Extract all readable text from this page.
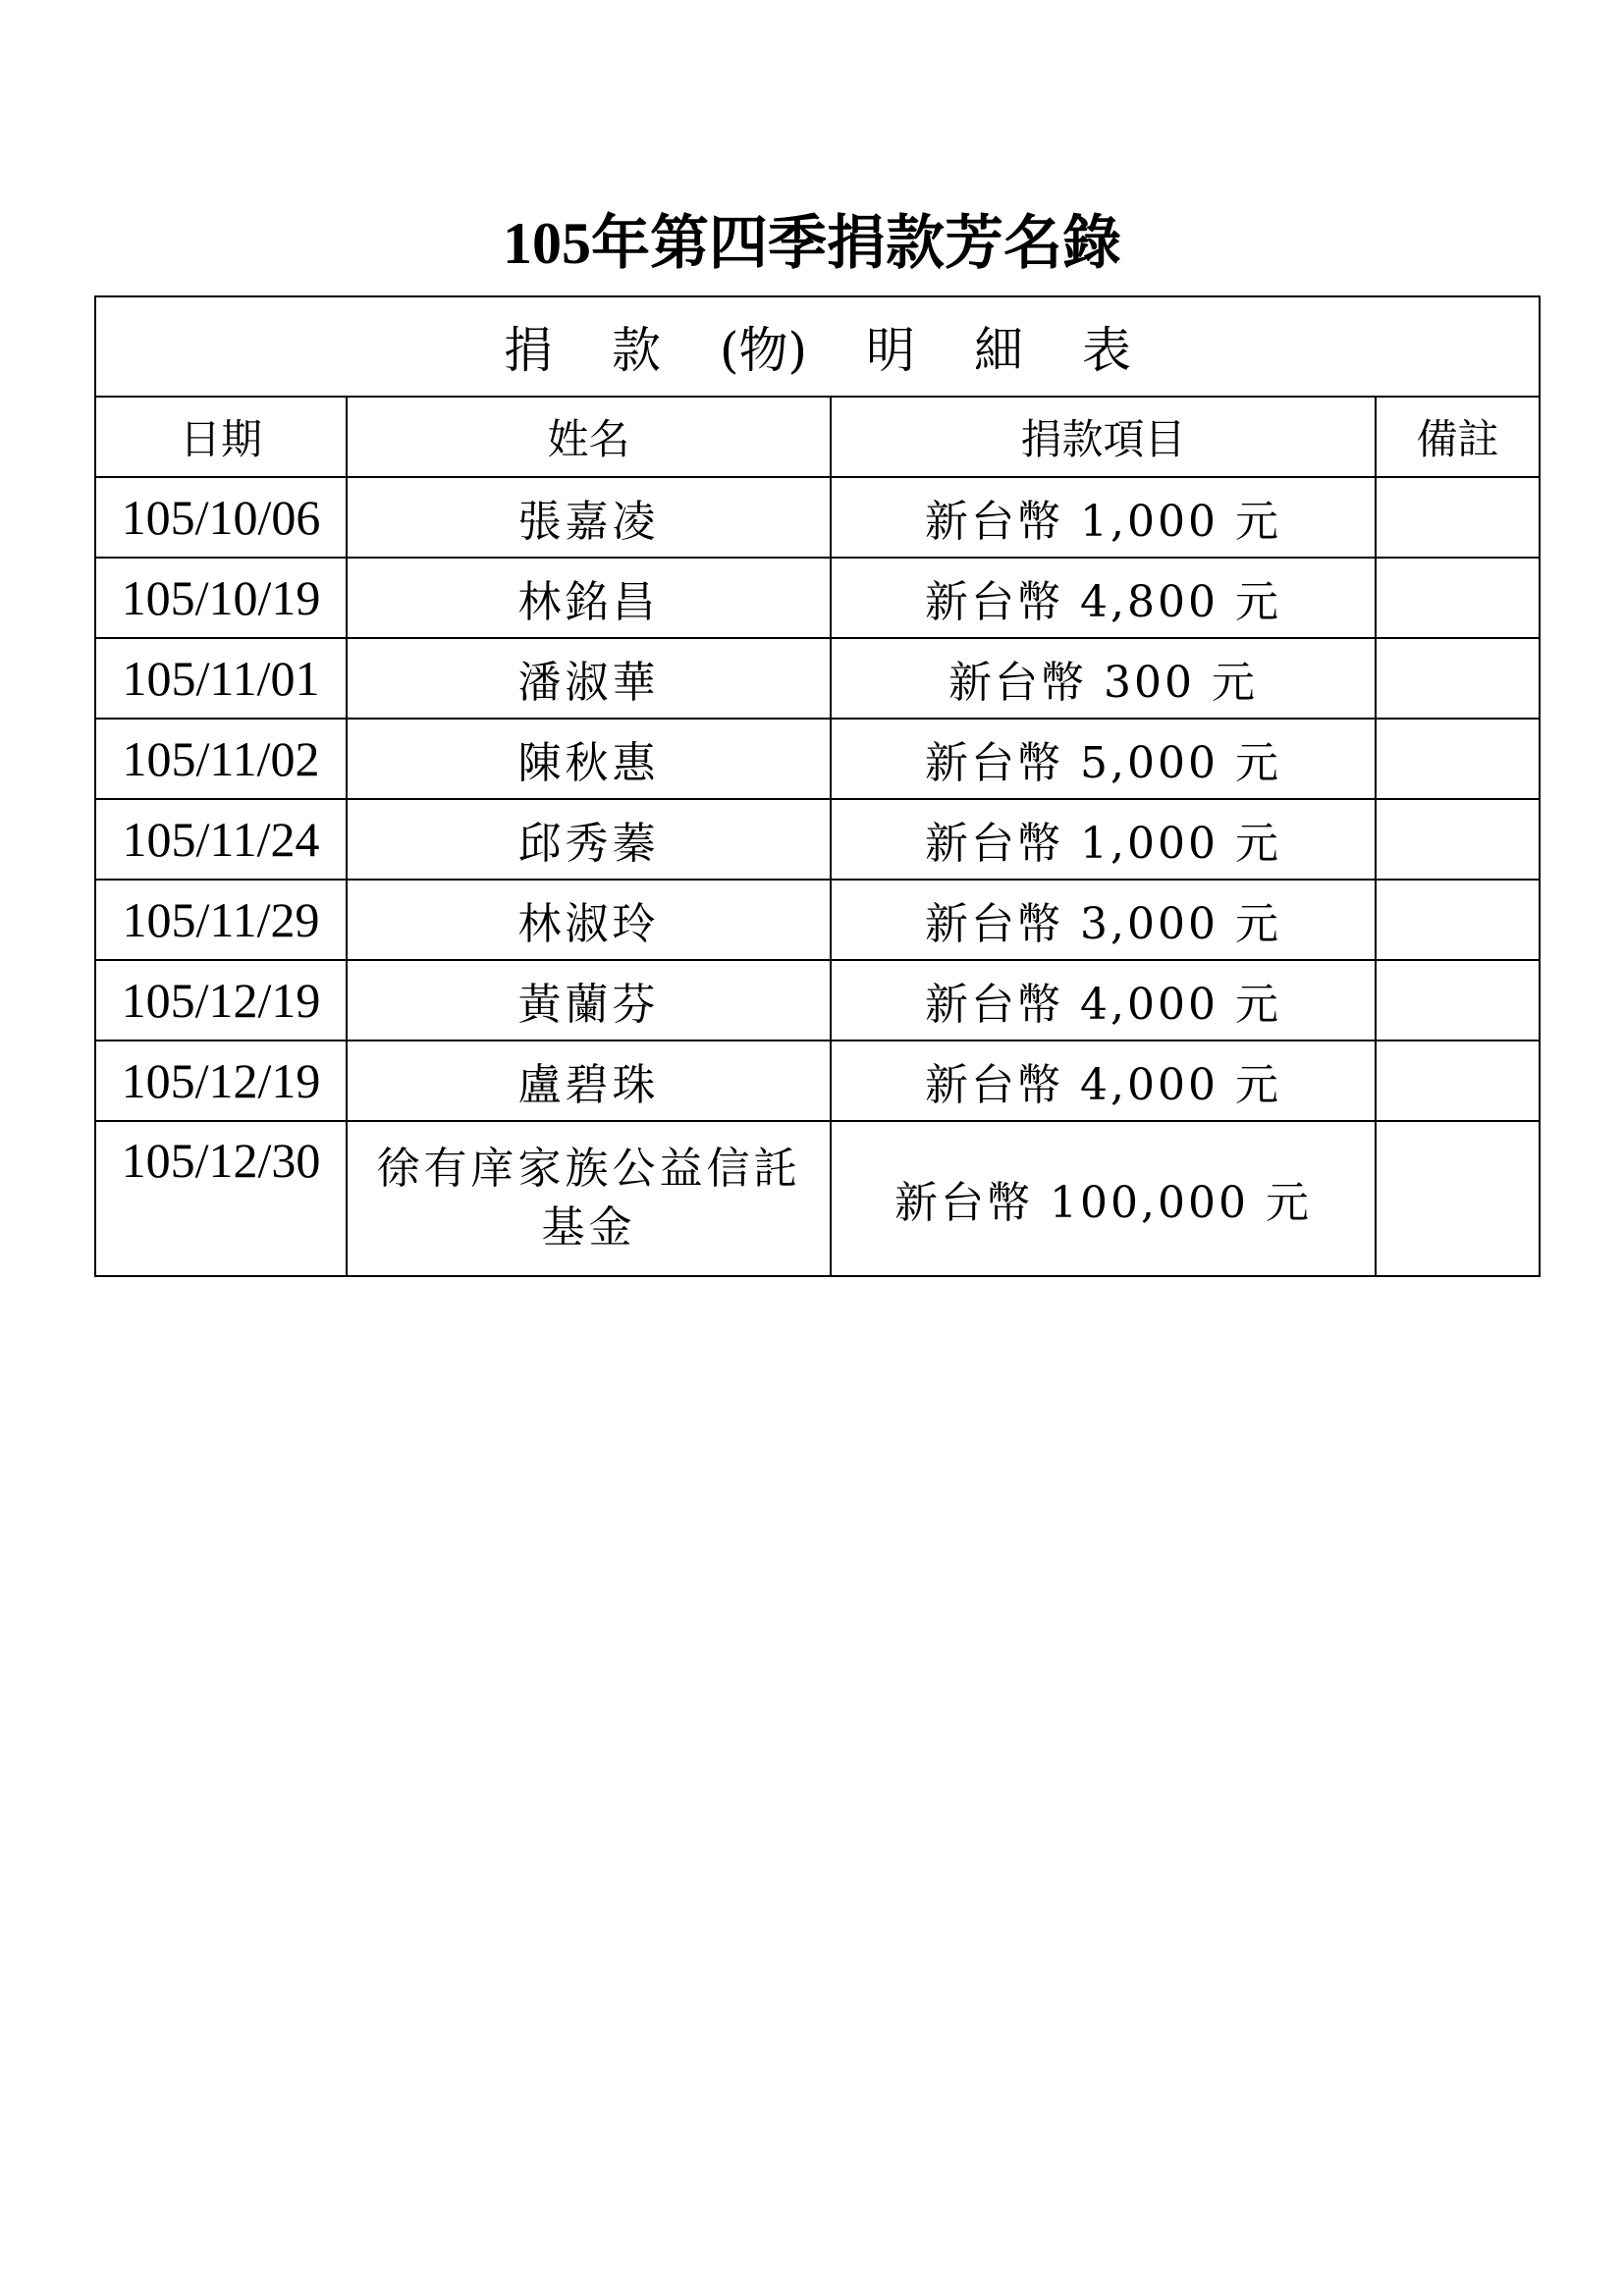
105年第四季捐款芳名錄
捐 款 (物) 明 細 表			
日期	姓名	捐款項目	備註
105/10/06	張嘉凌	新台幣 1,000 元	
105/10/19	林銘昌	新台幣 4,800 元	
105/11/01	潘淑華	新台幣 300 元	
105/11/02	陳秋惠	新台幣 5,000 元	
105/11/24	邱秀蓁	新台幣 1,000 元	
105/11/29	林淑玲	新台幣 3,000 元	
105/12/19	黃蘭芬	新台幣 4,000 元	
105/12/19	盧碧珠	新台幣 4,000 元	
105/12/30	徐有庠家族公益信託基金	新台幣 100,000 元	
